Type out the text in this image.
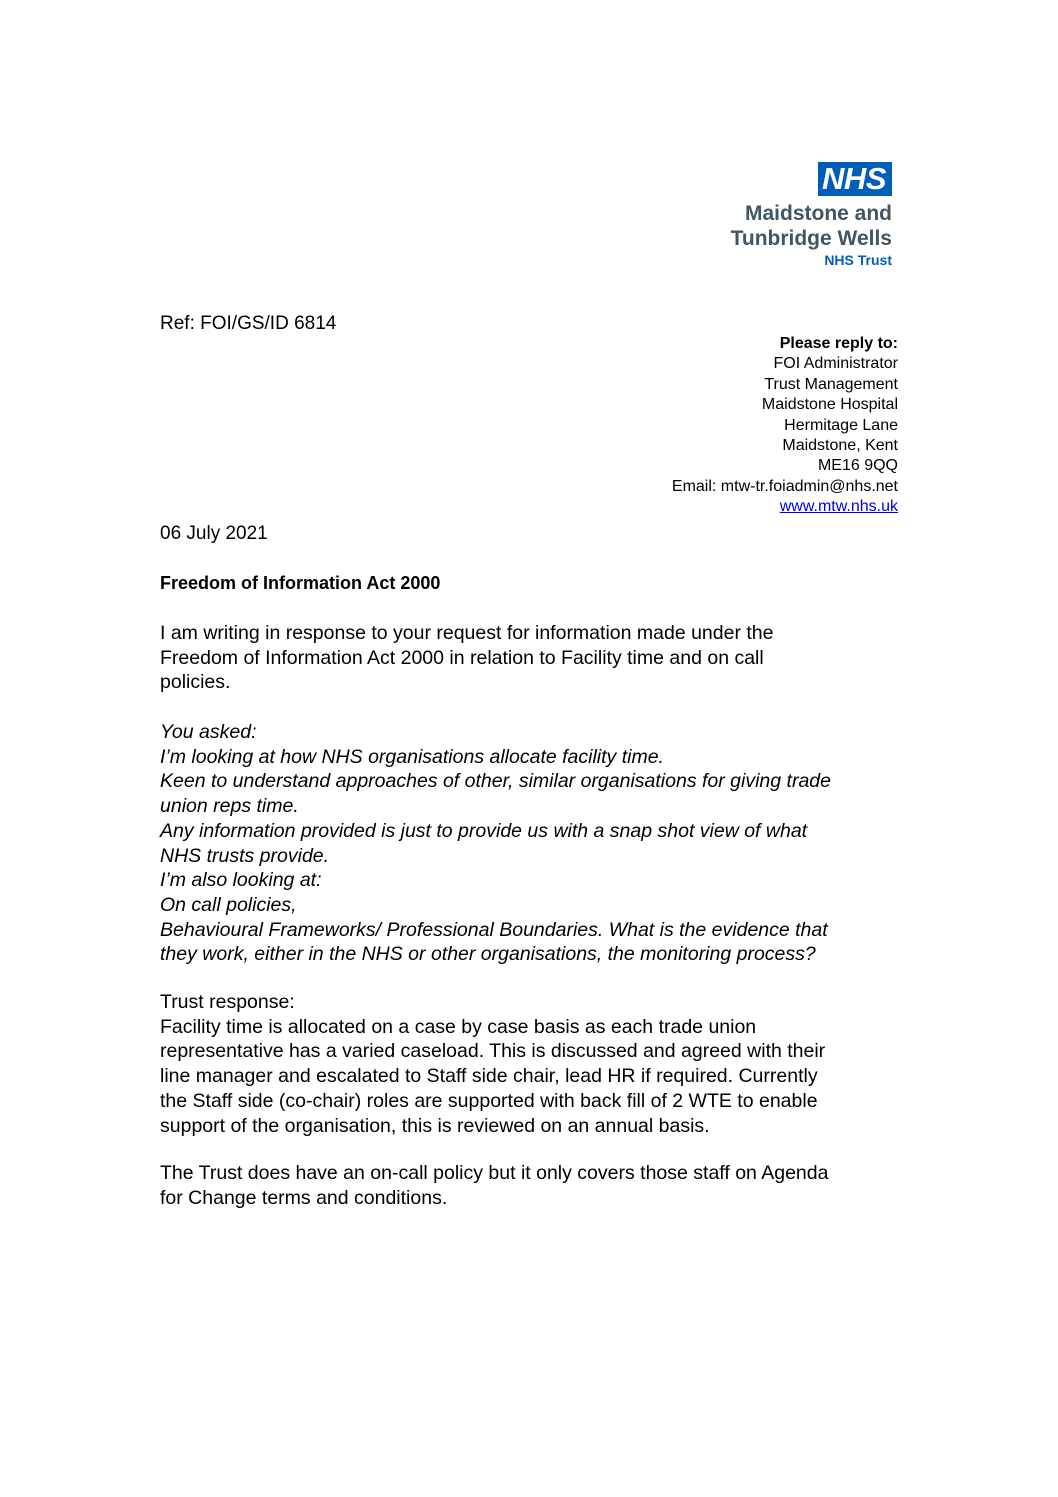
NHS
Maidstone and
Tunbridge Wells
NHS Trust
Ref: FOI/GS/ID 6814
Please reply to:
FOI Administrator
Trust Management
Maidstone Hospital
Hermitage Lane
Maidstone, Kent
ME16 9QQ
Email: mtw-tr.foiadmin@nhs.net
www.mtw.nhs.uk
06 July 2021
Freedom of Information Act 2000
I am writing in response to your request for information made under the
Freedom of Information Act 2000 in relation to Facility time and on call
policies.
You asked:
I’m looking at how NHS organisations allocate facility time.
Keen to understand approaches of other, similar organisations for giving trade
union reps time.
Any information provided is just to provide us with a snap shot view of what
NHS trusts provide.
I’m also looking at:
On call policies,
Behavioural Frameworks/ Professional Boundaries. What is the evidence that
they work, either in the NHS or other organisations, the monitoring process?
Trust response:
Facility time is allocated on a case by case basis as each trade union
representative has a varied caseload. This is discussed and agreed with their
line manager and escalated to Staff side chair, lead HR if required. Currently
the Staff side (co-chair) roles are supported with back fill of 2 WTE to enable
support of the organisation, this is reviewed on an annual basis.
The Trust does have an on-call policy but it only covers those staff on Agenda
for Change terms and conditions.
